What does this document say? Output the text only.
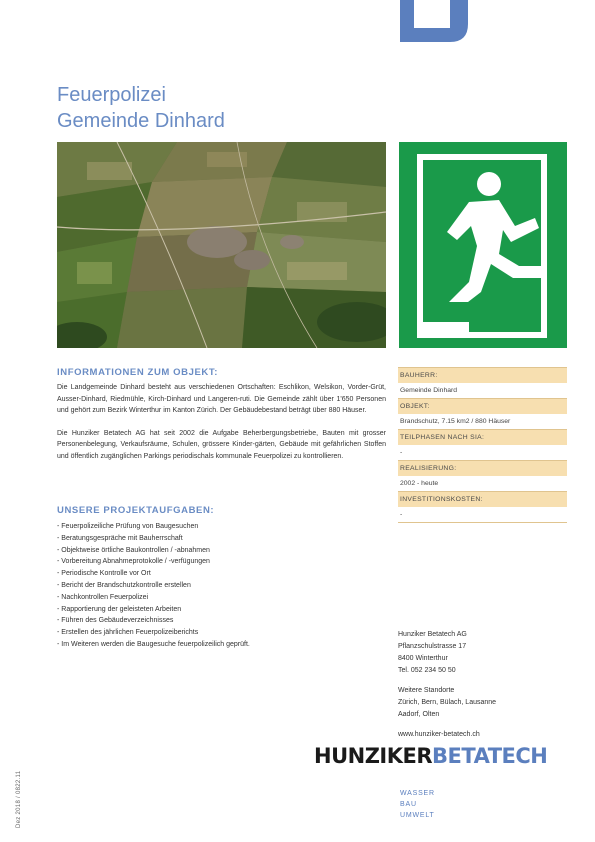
Feuerpolizei
Gemeinde Dinhard
INFORMATIONEN ZUM OBJEKT:

Die Landgemeinde Dinhard besteht aus verschiedenen Ortschaften: Eschlikon, Welsikon, Vorder-Grüt, Ausser-Dinhard, Riedmühle, Kirch-Dinhard und Langeren-ruti. Die Gemeinde zählt über 1'650 Personen und gehört zum Bezirk Winterthur im Kanton Zürich. Der Gebäudebestand beträgt über 880 Häuser.

Die Hunziker Betatech AG hat seit 2002 die Aufgabe Beherbergungsbetriebe, Bauten mit grosser Personenbelegung, Verkaufsräume, Schulen, grössere Kinder-gärten, Gebäude mit gefährlichen Stoffen und öffentlich zugänglichen Parkings periodischals kommunale Feuerpolizei zu kontrollieren.

UNSERE PROJEKTAUFGABEN:
- Feuerpolizeiliche Prüfung von Baugesuchen
- Beratungsgespräche mit Bauherrschaft
- Objektweise örtliche Baukontrollen / -abnahmen
- Vorbereitung Abnahmeprotokolle / -verfügungen
- Periodische Kontrolle vor Ort
- Bericht der Brandschutzkontrolle erstellen
- Nachkontrollen Feuerpolizei
- Rapportierung der geleisteten Arbeiten
- Führen des Gebäudeverzeichnisses
- Erstellen des jährlichen Feuerpolizeiberichts
- Im Weiteren werden die Baugesuche feuerpolizeilich geprüft.
BAUHERR:
Gemeinde Dinhard
OBJEKT:
Brandschutz, 7.15 km2 / 880 Häuser
TEILPHASEN NACH SIA:
-
REALISIERUNG:
2002 - heute
INVESTITIONSKOSTEN:
-
Hunziker Betatech AG
Pflanzschulstrasse 17
8400 Winterthur
Tel. 052 234 50 50
Weitere Standorte
Zürich, Bern, Bülach, Lausanne
Aadorf, Olten
www.hunziker-betatech.ch
HUNZIKERBETATECH
WASSER
BAU
UMWELT
Dez 2018 / 0822.11
